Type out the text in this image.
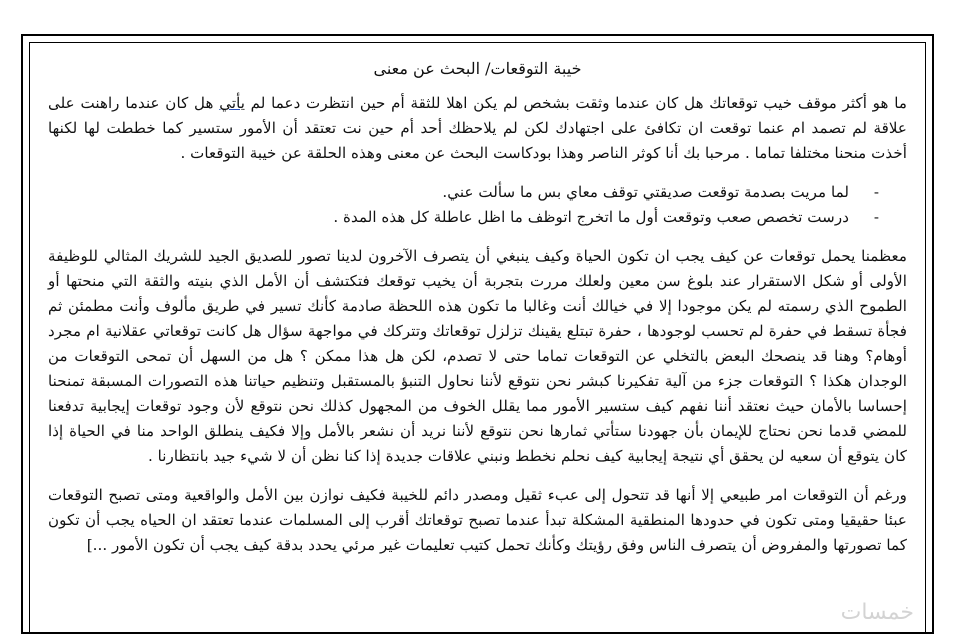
خيبة التوقعات/ البحث عن معنى

ما هو أكثر موقف خيب توقعاتك هل كان عندما وثقت بشخص لم يكن اهلا للثقة أم حين انتظرت دعما لم يأتي هل كان عندما راهنت على علاقة لم تصمد ام عنما توقعت ان تكافئ على اجتهادك لكن لم يلاحظك أحد أم حين نت تعتقد أن الأمور ستسير كما خططت لها لكنها أخذت منحنا مختلفا تماما . مرحبا بك أنا كوثر الناصر وهذا بودكاست البحث عن معنى وهذه الحلقة عن خيبة التوقعات .

-
لما مريت بصدمة توقعت صديقتي توقف معاي بس ما سألت عني.
-
درست تخصص صعب وتوقعت أول ما اتخرج اتوظف ما اظل عاطلة كل هذه المدة .

معظمنا يحمل توقعات عن كيف يجب ان تكون الحياة وكيف ينبغي أن يتصرف الآخرون لدينا تصور للصديق الجيد للشريك المثالي للوظيفة الأولى أو شكل الاستقرار عند بلوغ سن معين ولعلك مررت بتجربة أن يخيب توقعك فتكتشف أن الأمل الذي بنيته والثقة التي منحتها أو الطموح الذي رسمته لم يكن موجودا إلا في خيالك أنت وغالبا ما تكون هذه اللحظة صادمة كأنك تسير في طريق مألوف وأنت مطمئن ثم فجأة تسقط في حفرة لم تحسب لوجودها ، حفرة تبتلع يقينك تزلزل توقعاتك وتتركك في مواجهة سؤال هل كانت توقعاتي عقلانية ام مجرد أوهام؟ وهنا قد ينصحك البعض بالتخلي عن التوقعات تماما حتى لا تصدم، لكن هل هذا ممكن ؟ هل من السهل أن تمحى التوقعات من الوجدان هكذا ؟ التوقعات جزء من آلية تفكيرنا كبشر نحن نتوقع لأننا نحاول التنبؤ بالمستقبل وتنظيم حياتنا هذه التصورات المسبقة تمنحنا إحساسا بالأمان حيث نعتقد أننا نفهم كيف ستسير الأمور مما يقلل الخوف من المجهول كذلك نحن نتوقع لأن وجود توقعات إيجابية تدفعنا للمضي قدما نحن نحتاج للإيمان بأن جهودنا ستأتي ثمارها نحن نتوقع لأننا نريد أن نشعر بالأمل وإلا فكيف ينطلق الواحد منا في الحياة إذا كان يتوقع أن سعيه لن يحقق أي نتيجة إيجابية كيف نحلم نخطط ونبني علاقات جديدة إذا كنا نظن أن لا شيء جيد بانتظارنا .

ورغم أن التوقعات امر طبيعي إلا أنها قد تتحول إلى عبء ثقيل ومصدر دائم للخيبة فكيف نوازن بين الأمل والواقعية ومتى تصبح التوقعات عبئا حقيقيا ومتى تكون في حدودها المنطقية المشكلة تبدأ عندما تصبح توقعاتك أقرب إلى المسلمات عندما تعتقد ان الحياه يجب أن تكون كما تصورتها والمفروض أن يتصرف الناس وفق رؤيتك وكأنك تحمل كتيب تعليمات غير مرئي يحدد بدقة كيف يجب أن تكون الأمور ...]

خمسات
